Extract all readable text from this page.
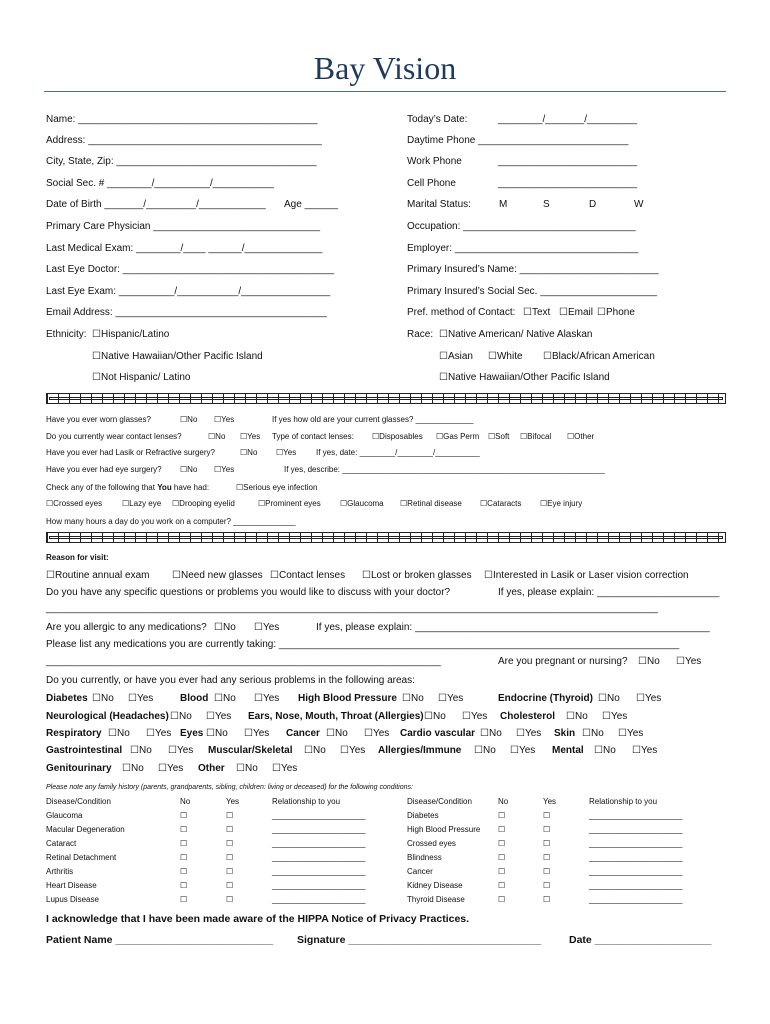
Bay Vision
Name: ___________________________________________
Address: __________________________________________
City, State, Zip: ____________________________________
Social Sec. # ________/__________/___________
Date of Birth _______/_________/____________ Age ______
Primary Care Physician ______________________________
Last Medical Exam: ________/____ ______/______________
Last Eye Doctor: ______________________________________
Last Eye Exam: __________/___________/________________
Email Address: ______________________________________
Ethnicity: ☐Hispanic/Latino
☐Native Hawaiian/Other Pacific Island
☐Not Hispanic/ Latino
Today’s Date:	________/_______/_________
Daytime Phone ___________________________
Work Phone	_________________________
Cell Phone	_________________________
Marital Status:	M	S	D	W
Occupation: _______________________________
Employer: _________________________________
Primary Insured’s Name: _________________________
Primary Insured’s Social Sec. _____________________
Pref. method of Contact: ☐Text ☐Email ☐Phone
Race: ☐Native American/ Native Alaskan
☐Asian ☐White ☐Black/African American
☐Native Hawaiian/Other Pacific Island
Have you ever worn glasses?	☐No ☐Yes	If yes how old are your current glasses? _____________
Do you currently wear contact lenses?	☐No ☐Yes Type of contact lenses: ☐Disposables ☐Gas Perm ☐Soft ☐Bifocal ☐Other
Have you ever had Lasik or Refractive surgery?	☐No ☐Yes If yes, date: ________/________/__________
Have you ever had eye surgery? ☐No ☐Yes	If yes, describe: ___________________________________________________________
Check any of the following that You have had:	☐Serious eye infection
☐Crossed eyes ☐Lazy eye ☐Drooping eyelid	☐Prominent eyes ☐Glaucoma ☐Retinal disease ☐Cataracts ☐Eye injury
How many hours a day do you work on a computer? ______________
Reason for visit:
☐Routine annual exam ☐Need new glasses ☐Contact lenses ☐Lost or broken glasses ☐Interested in Lasik or Laser vision correction
Do you have any specific questions or problems you would like to discuss with your doctor?	If yes, please explain: ______________________
______________________________________________________________________________________________________________
Are you allergic to any medications? ☐No ☐Yes	If yes, please explain: _____________________________________________________
Please list any medications you are currently taking: ________________________________________________________________________
_______________________________________________________________________	Are you pregnant or nursing? ☐No ☐Yes
Do you currently, or have you ever had any serious problems in the following areas:
Diabetes ☐No ☐Yes	Blood ☐No ☐Yes High Blood Pressure ☐No ☐Yes	Endocrine (Thyroid) ☐No ☐Yes
Neurological (Headaches) ☐No ☐Yes Ears, Nose, Mouth, Throat (Allergies) ☐No ☐Yes Cholesterol ☐No ☐Yes
Respiratory ☐No ☐Yes Eyes ☐No ☐Yes Cancer ☐No ☐Yes Cardio vascular ☐No ☐Yes Skin ☐No ☐Yes
Gastrointestinal ☐No ☐Yes Muscular/Skeletal ☐No ☐Yes Allergies/Immune ☐No ☐Yes Mental ☐No ☐Yes
Genitourinary ☐No ☐Yes Other ☐No ☐Yes
Please note any family history (parents, grandparents, sibling, children: living or deceased) for the following conditions:
Disease/Condition	No	Yes	Relationship to you	Disease/Condition	No	Yes	Relationship to you
Glaucoma	☐	☐	_____________________	Diabetes	☐	☐	_____________________
Macular Degeneration	☐	☐	_____________________	High Blood Pressure ☐	☐	_____________________
Cataract	☐	☐	_____________________	Crossed eyes	☐	☐	_____________________
Retinal Detachment	☐	☐	_____________________	Blindness	☐	☐	_____________________
Arthritis	☐	☐	_____________________	Cancer	☐	☐	_____________________
Heart Disease	☐	☐	_____________________	Kidney Disease	☐	☐	_____________________
Lupus Disease	☐	☐	_____________________	Thyroid Disease	☐	☐	_____________________
I acknowledge that I have been made aware of the HIPPA Notice of Privacy Practices.
Patient Name ___________________________ Signature _________________________________	Date ____________________
